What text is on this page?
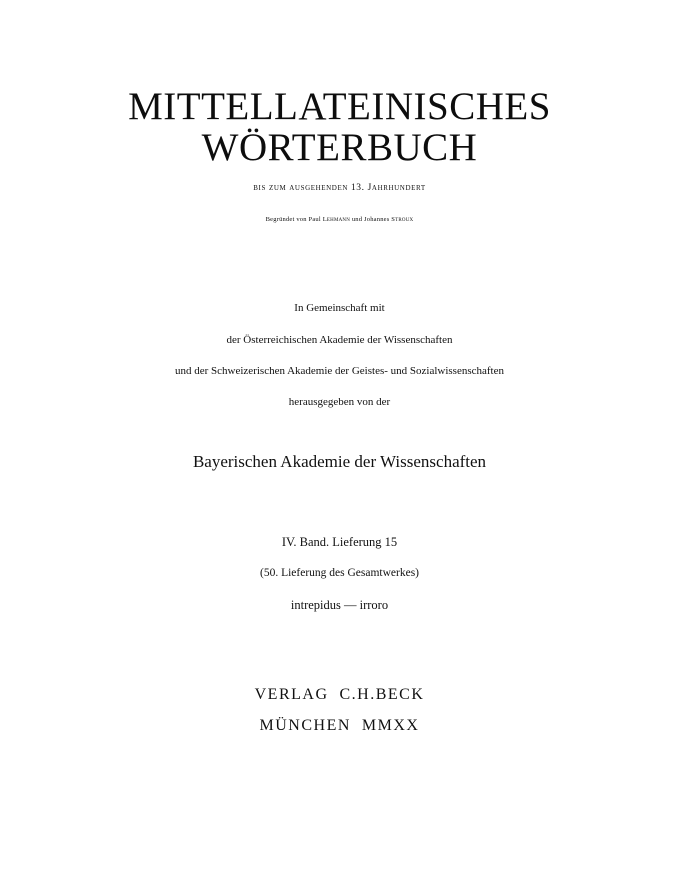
MITTELLATEINISCHES
WÖRTERBUCH
bis zum ausgehenden 13. Jahrhundert
Begründet von Paul Lehmann und Johannes Stroux
In Gemeinschaft mit
der Österreichischen Akademie der Wissenschaften
und der Schweizerischen Akademie der Geistes- und Sozialwissenschaften
herausgegeben von der
Bayerischen Akademie der Wissenschaften
IV. Band. Lieferung 15
(50. Lieferung des Gesamtwerkes)
intrepidus — irroro
VERLAG  C.H.BECK
MÜNCHEN  MMXX
